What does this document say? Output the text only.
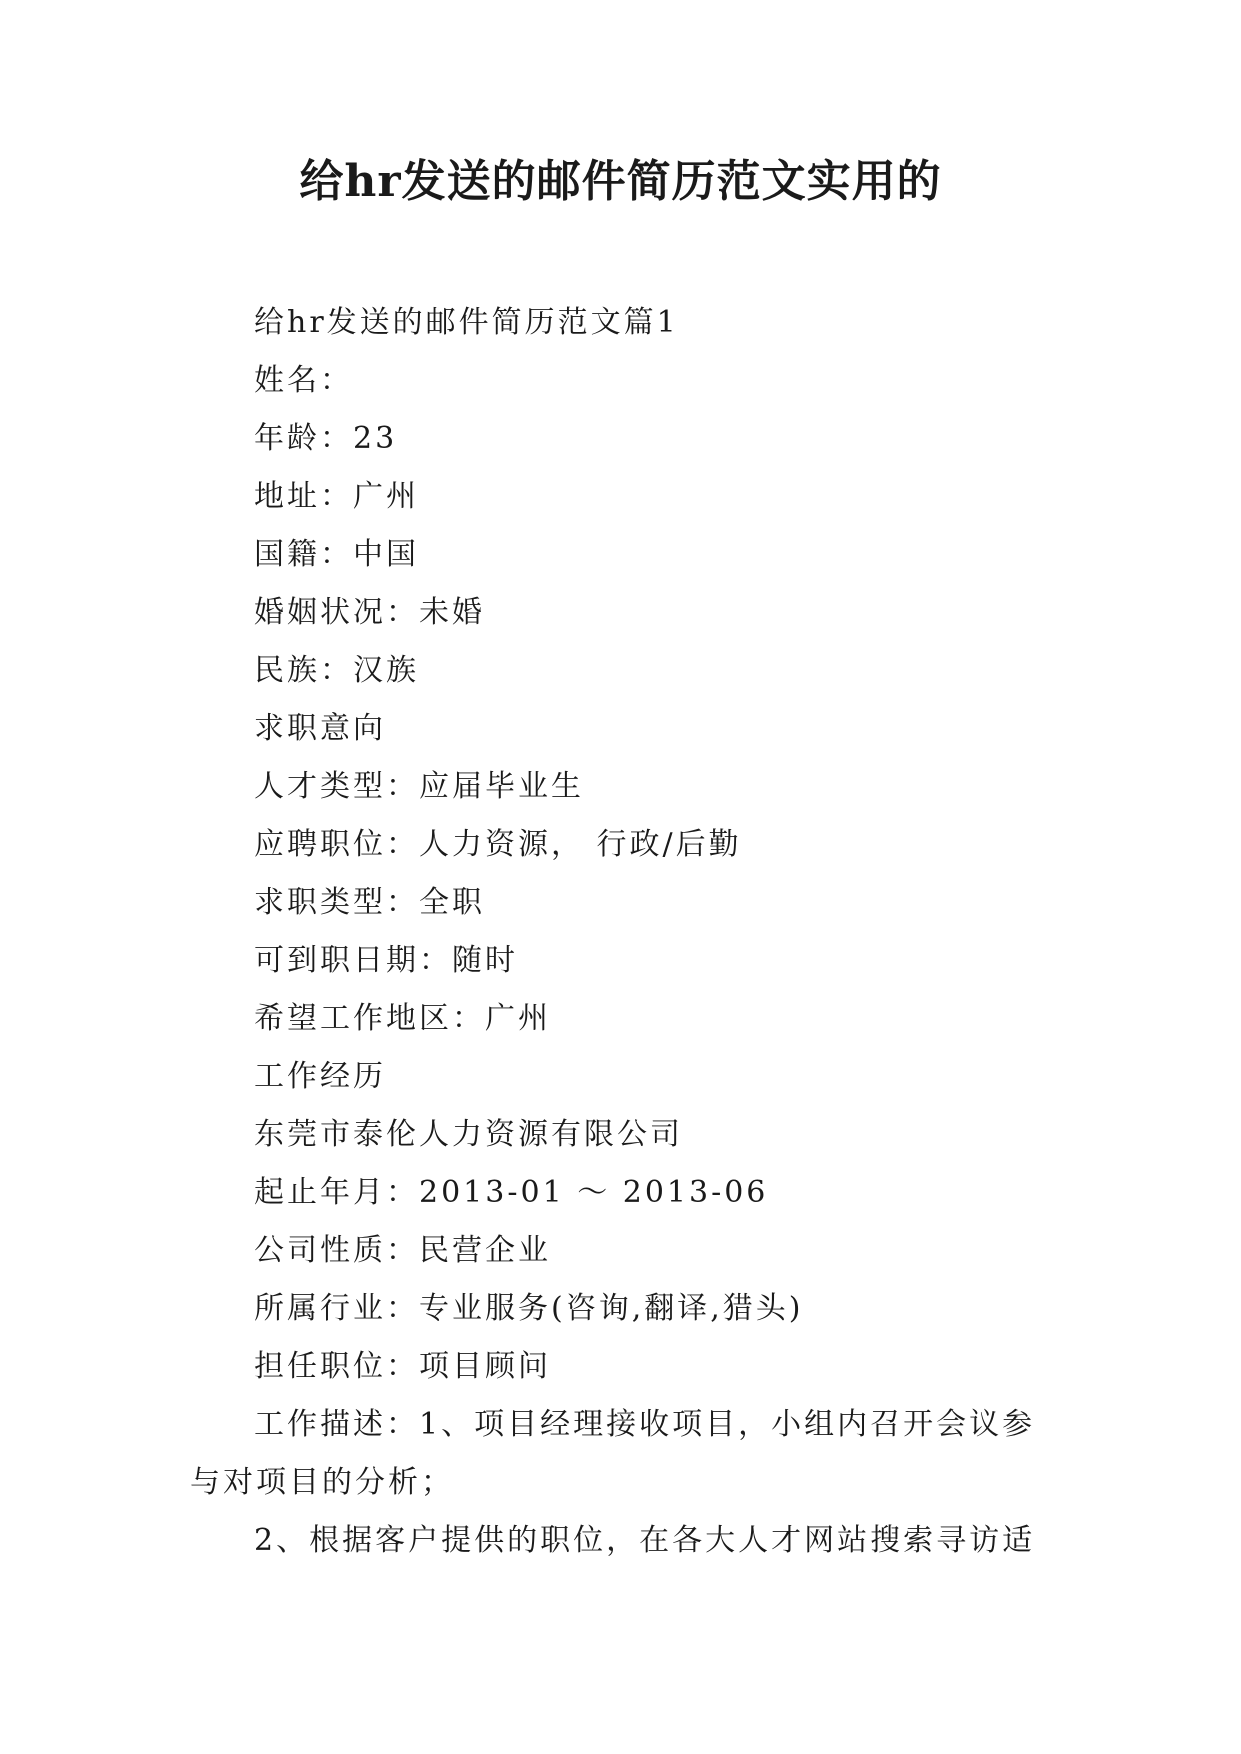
给hr发送的邮件简历范文实用的

给hr发送的邮件简历范文篇1

姓名：

年龄：23

地址：广州

国籍：中国

婚姻状况：未婚

民族：汉族

求职意向

人才类型：应届毕业生

应聘职位：人力资源， 行政/后勤

求职类型：全职

可到职日期：随时

希望工作地区：广州

工作经历

东莞市泰伦人力资源有限公司

起止年月：2013-01 ～ 2013-06

公司性质：民营企业

所属行业：专业服务(咨询,翻译,猎头)

担任职位：项目顾问

工作描述：1、项目经理接收项目，小组内召开会议参与对项目的分析；

2、根据客户提供的职位，在各大人才网站搜索寻访适
